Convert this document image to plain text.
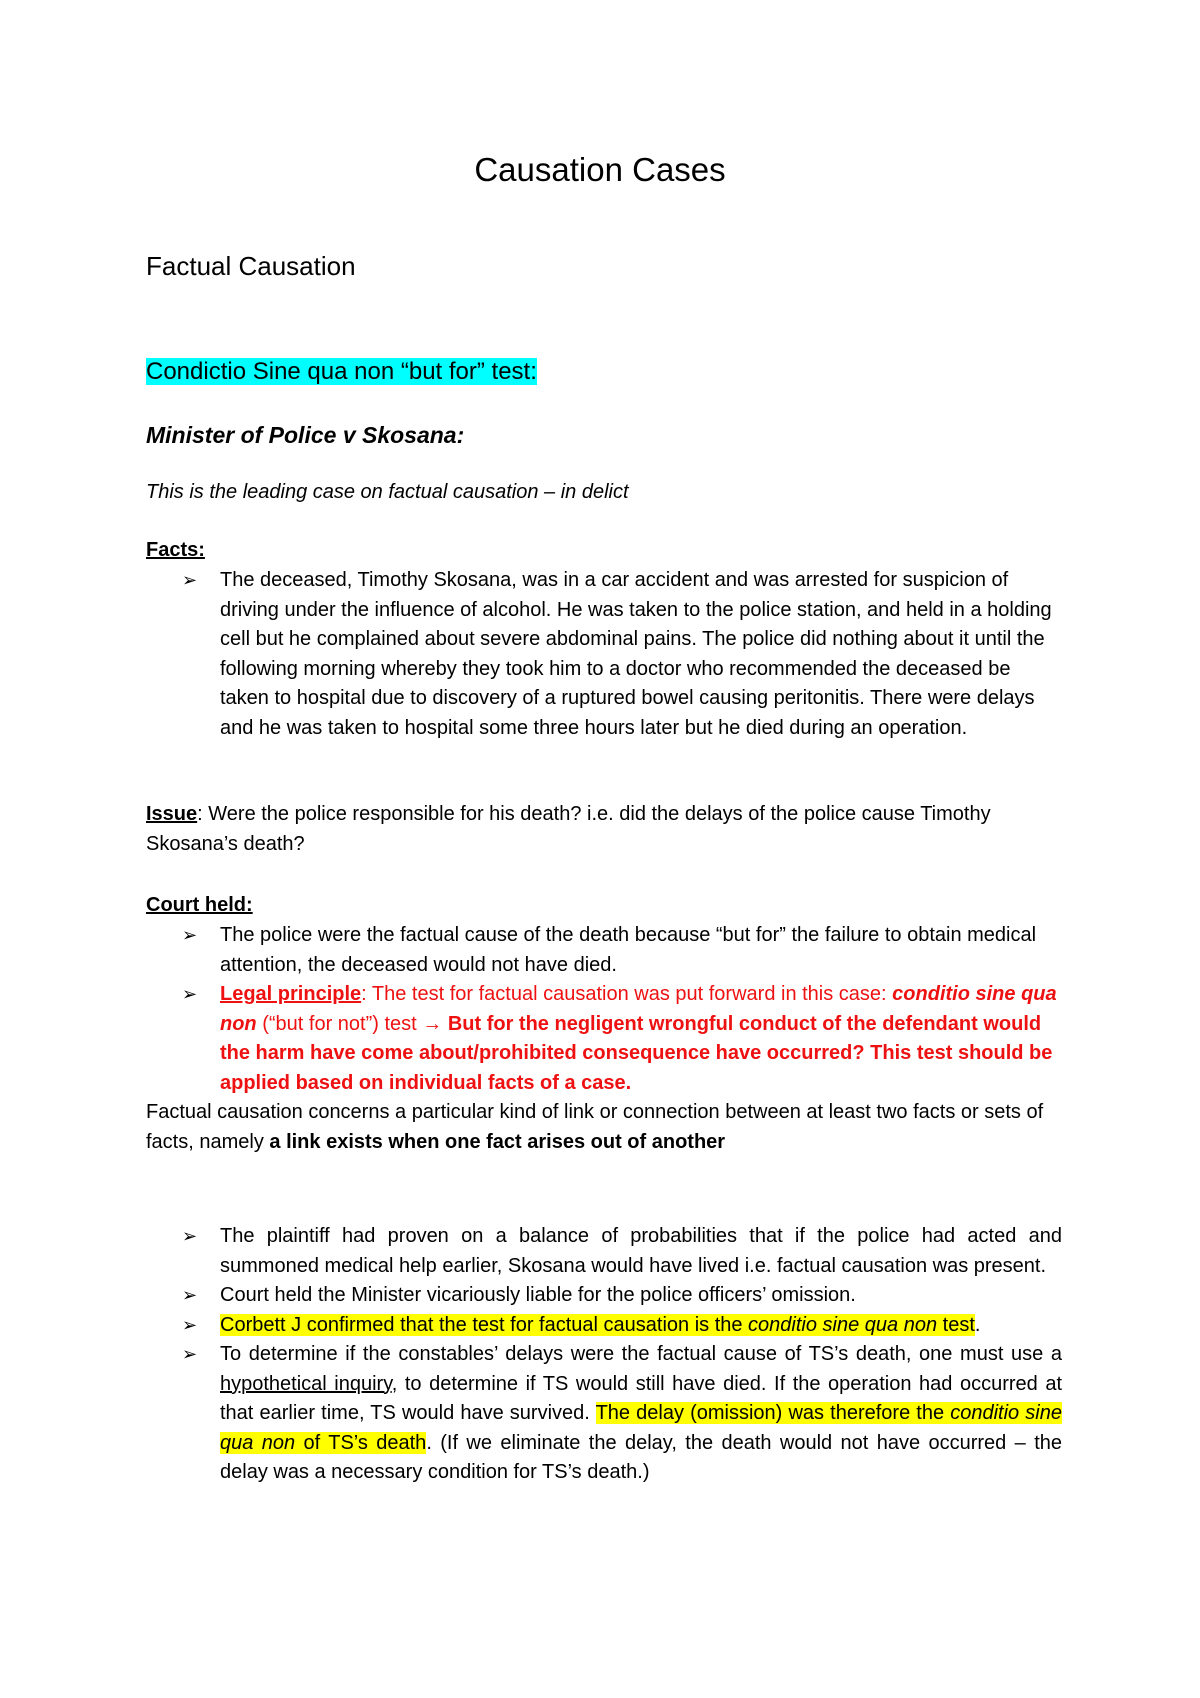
Causation Cases
Factual Causation
Condictio Sine qua non “but for” test:

Minister of Police v Skosana:

This is the leading case on factual causation – in delict

Facts:

➢ The deceased, Timothy Skosana, was in a car accident and was arrested for suspicion of driving under the influence of alcohol. He was taken to the police station, and held in a holding cell but he complained about severe abdominal pains. The police did nothing about it until the following morning whereby they took him to a doctor who recommended the deceased be taken to hospital due to discovery of a ruptured bowel causing peritonitis. There were delays and he was taken to hospital some three hours later but he died during an operation.

Issue: Were the police responsible for his death? i.e. did the delays of the police cause Timothy Skosana’s death?

Court held:

➢ The police were the factual cause of the death because “but for” the failure to obtain medical attention, the deceased would not have died.
➢ Legal principle: The test for factual causation was put forward in this case: conditio sine qua non (“but for not”) test → But for the negligent wrongful conduct of the defendant would the harm have come about/prohibited consequence have occurred? This test should be applied based on individual facts of a case.

Factual causation concerns a particular kind of link or connection between at least two facts or sets of facts, namely a link exists when one fact arises out of another

➢ The plaintiff had proven on a balance of probabilities that if the police had acted and summoned medical help earlier, Skosana would have lived i.e. factual causation was present.
➢ Court held the Minister vicariously liable for the police officers’ omission.
➢ Corbett J confirmed that the test for factual causation is the conditio sine qua non test.
➢ To determine if the constables’ delays were the factual cause of TS’s death, one must use a hypothetical inquiry, to determine if TS would still have died. If the operation had occurred at that earlier time, TS would have survived. The delay (omission) was therefore the conditio sine qua non of TS’s death. (If we eliminate the delay, the death would not have occurred – the delay was a necessary condition for TS’s death.)
